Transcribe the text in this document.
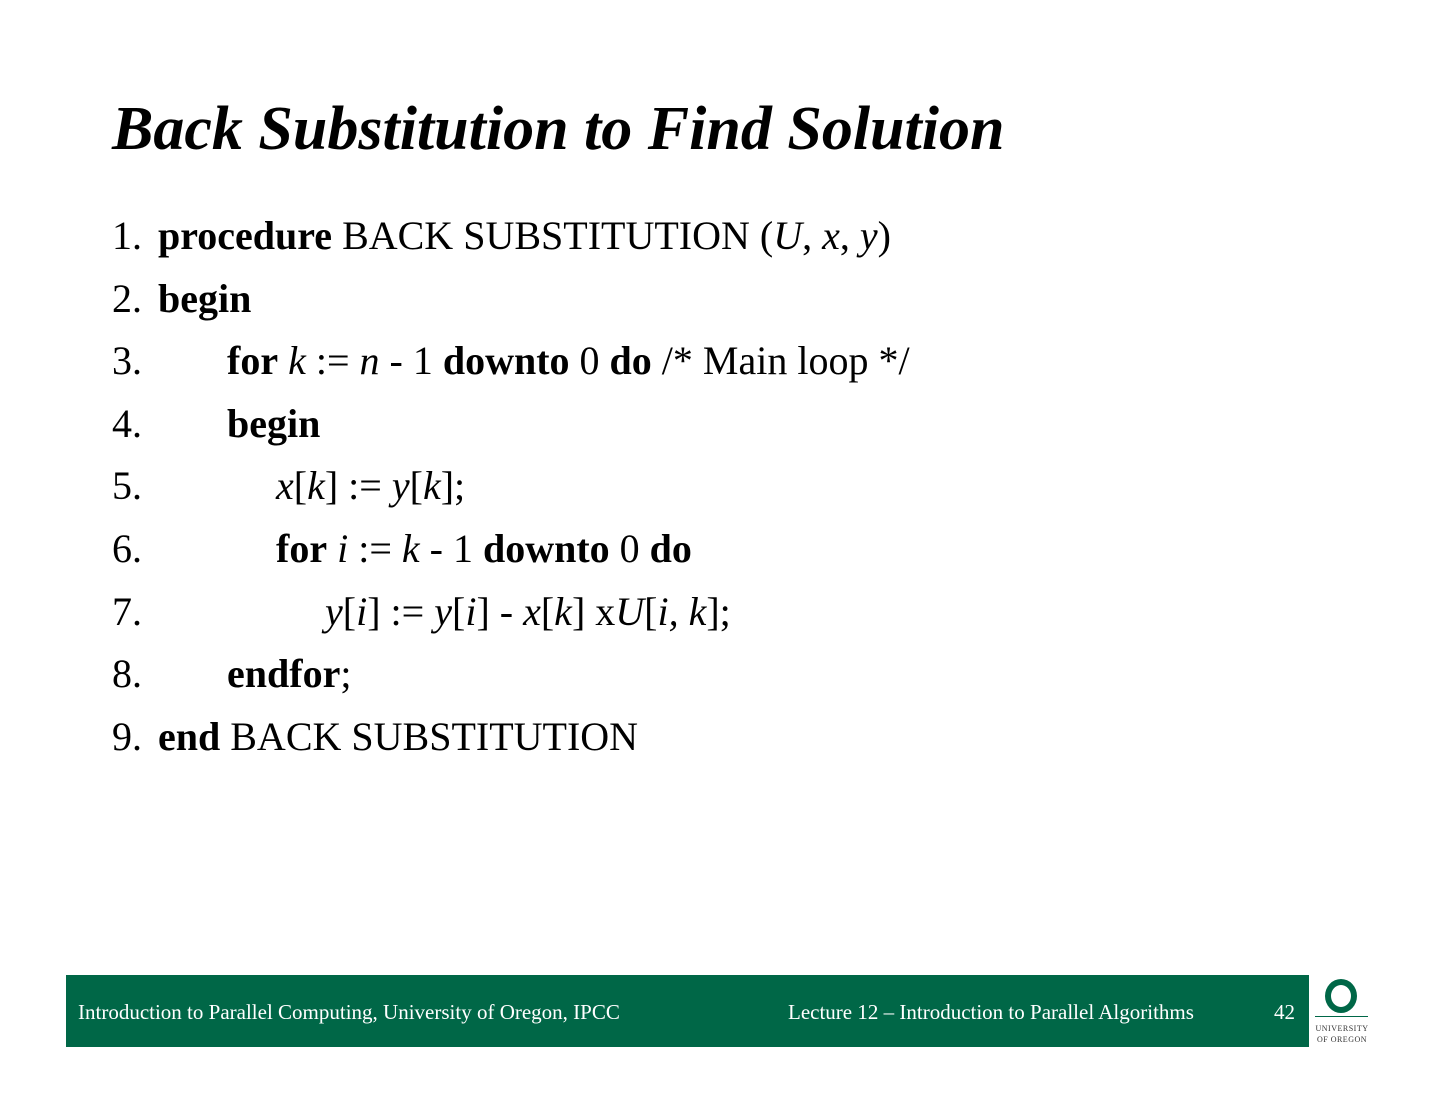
Back Substitution to Find Solution
1. procedure BACK SUBSTITUTION (U, x, y)
2. begin
3. for k := n - 1 downto 0 do /* Main loop */
4. begin
5.	x[k] := y[k];
6.	for i := k - 1 downto 0 do
7.	y[i] := y[i] - x[k] xU[i, k];
8. endfor;
9. end BACK SUBSTITUTION
Introduction to Parallel Computing, University of Oregon, IPCC	Lecture 12 – Introduction to Parallel Algorithms	42
UNIVERSITY
OF OREGON
